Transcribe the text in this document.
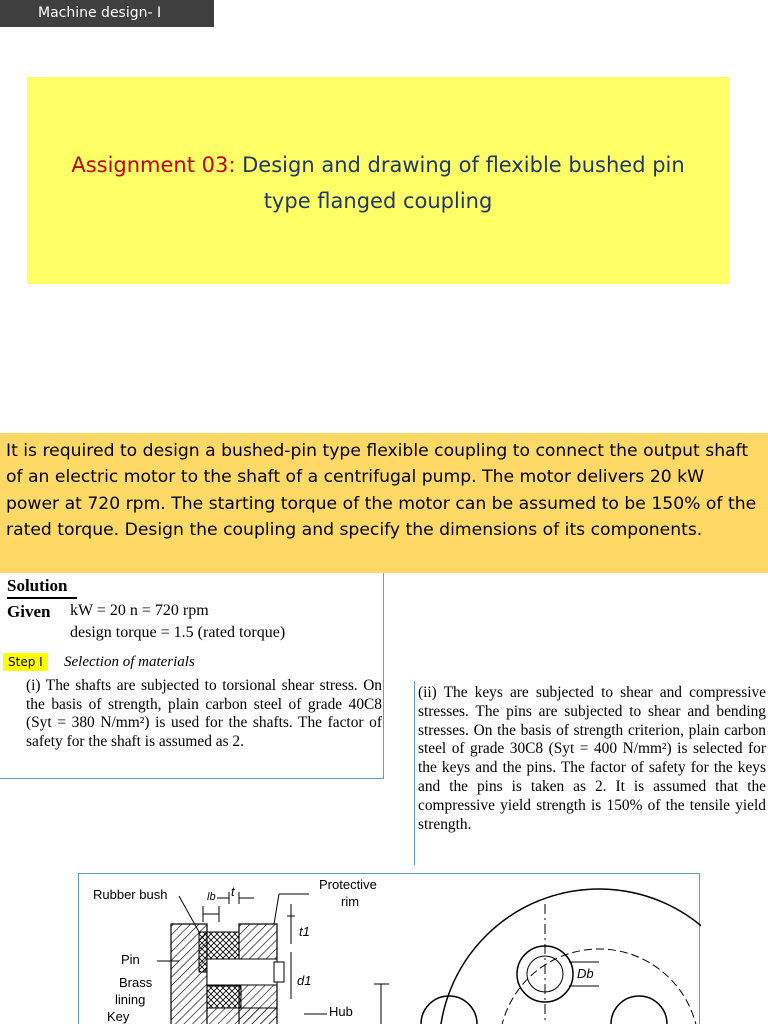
Machine design- I
Assignment 03: Design and drawing of flexible bushed pin
type flanged coupling
It is required to design a bushed-pin type flexible coupling to connect the output shaft of an electric motor to the shaft of a centrifugal pump. The motor delivers 20 kW power at 720 rpm. The starting torque of the motor can be assumed to be 150% of the rated torque. Design the coupling and specify the dimensions of its components.
Solution
Given kW = 20 n = 720 rpm
design torque = 1.5 (rated torque)
Step I	Selection of materials
(i) The shafts are subjected to torsional shear stress. On the basis of strength, plain carbon steel of grade 40C8 (Syt = 380 N/mm²) is used for the shafts. The factor of safety for the shaft is assumed as 2.
(ii) The keys are subjected to shear and compressive stresses. The pins are subjected to shear and bending stresses. On the basis of strength criterion, plain carbon steel of grade 30C8 (Syt = 400 N/mm²) is selected for the keys and the pins. The factor of safety for the keys and the pins is taken as 2. It is assumed that the compressive yield strength is 150% of the tensile yield strength.
Rubber bush
Protective
rim
lb t
t1
d1
Pin
Brass
lining
Key	Hub
Db
